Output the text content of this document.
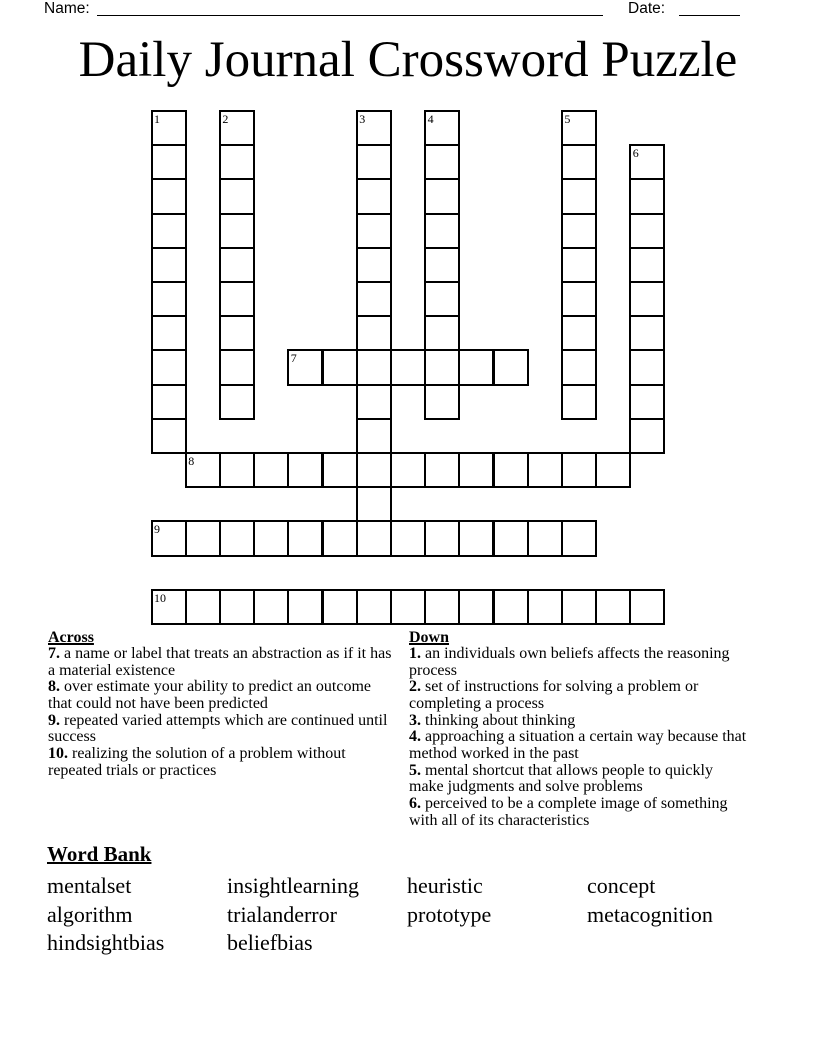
Name:	Date:
Daily Journal Crossword Puzzle
1	2	3	4	5
6
7
8
9
10
Across
7. a name or label that treats an abstraction as if it has a material existence
8. over estimate your ability to predict an outcome that could not have been predicted
9. repeated varied attempts which are continued until success
10. realizing the solution of a problem without repeated trials or practices
Down
1. an individuals own beliefs affects the reasoning process
2. set of instructions for solving a problem or completing a process
3. thinking about thinking
4. approaching a situation a certain way because that method worked in the past
5. mental shortcut that allows people to quickly make judgments and solve problems
6. perceived to be a complete image of something with all of its characteristics
Word Bank
mentalset
algorithm
hindsightbias
insightlearning
trialanderror
beliefbias
heuristic
prototype
concept
metacognition
